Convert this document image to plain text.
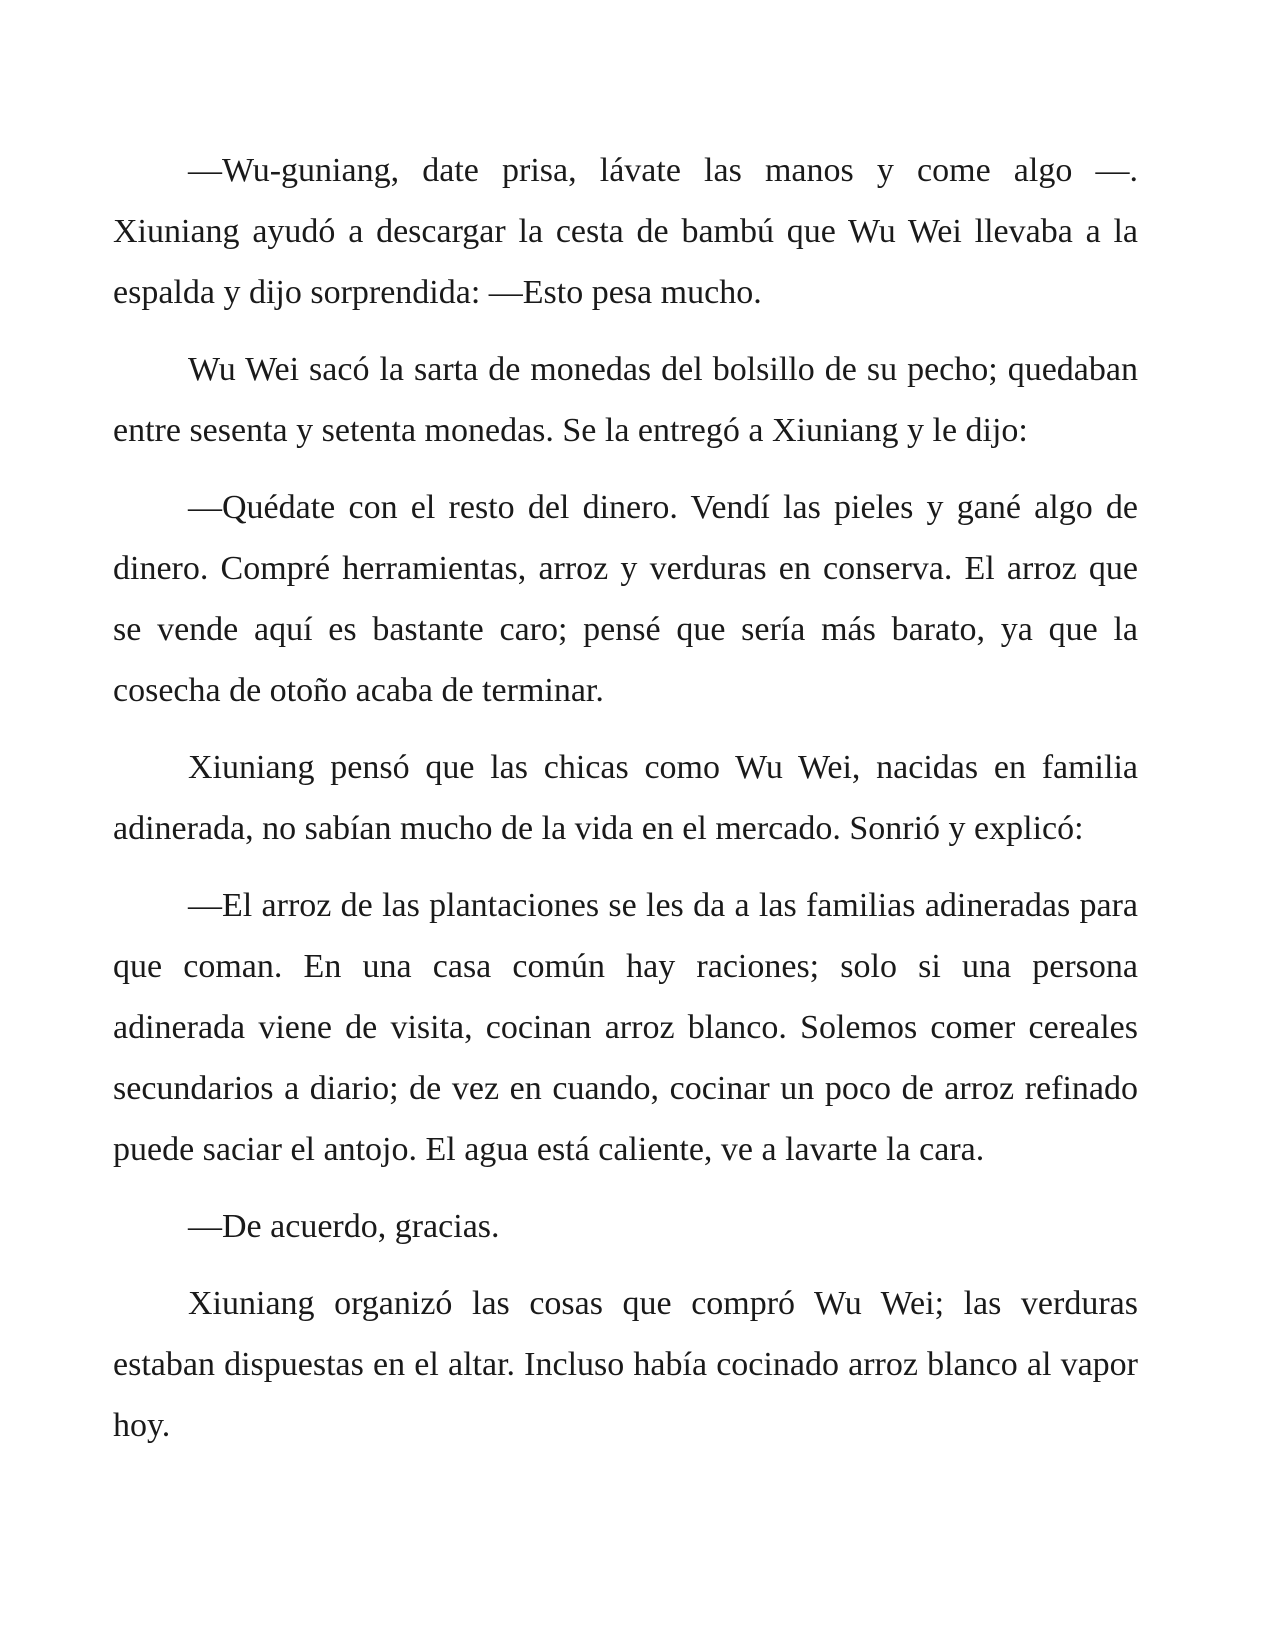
—Wu-guniang, date prisa, lávate las manos y come algo —. Xiuniang ayudó a descargar la cesta de bambú que Wu Wei llevaba a la espalda y dijo sorprendida: —Esto pesa mucho.

Wu Wei sacó la sarta de monedas del bolsillo de su pecho; quedaban entre sesenta y setenta monedas. Se la entregó a Xiuniang y le dijo:

—Quédate con el resto del dinero. Vendí las pieles y gané algo de dinero. Compré herramientas, arroz y verduras en conserva. El arroz que se vende aquí es bastante caro; pensé que sería más barato, ya que la cosecha de otoño acaba de terminar.

Xiuniang pensó que las chicas como Wu Wei, nacidas en familia adinerada, no sabían mucho de la vida en el mercado. Sonrió y explicó:

—El arroz de las plantaciones se les da a las familias adineradas para que coman. En una casa común hay raciones; solo si una persona adinerada viene de visita, cocinan arroz blanco. Solemos comer cereales secundarios a diario; de vez en cuando, cocinar un poco de arroz refinado puede saciar el antojo. El agua está caliente, ve a lavarte la cara.

—De acuerdo, gracias.

Xiuniang organizó las cosas que compró Wu Wei; las verduras estaban dispuestas en el altar. Incluso había cocinado arroz blanco al vapor hoy.
